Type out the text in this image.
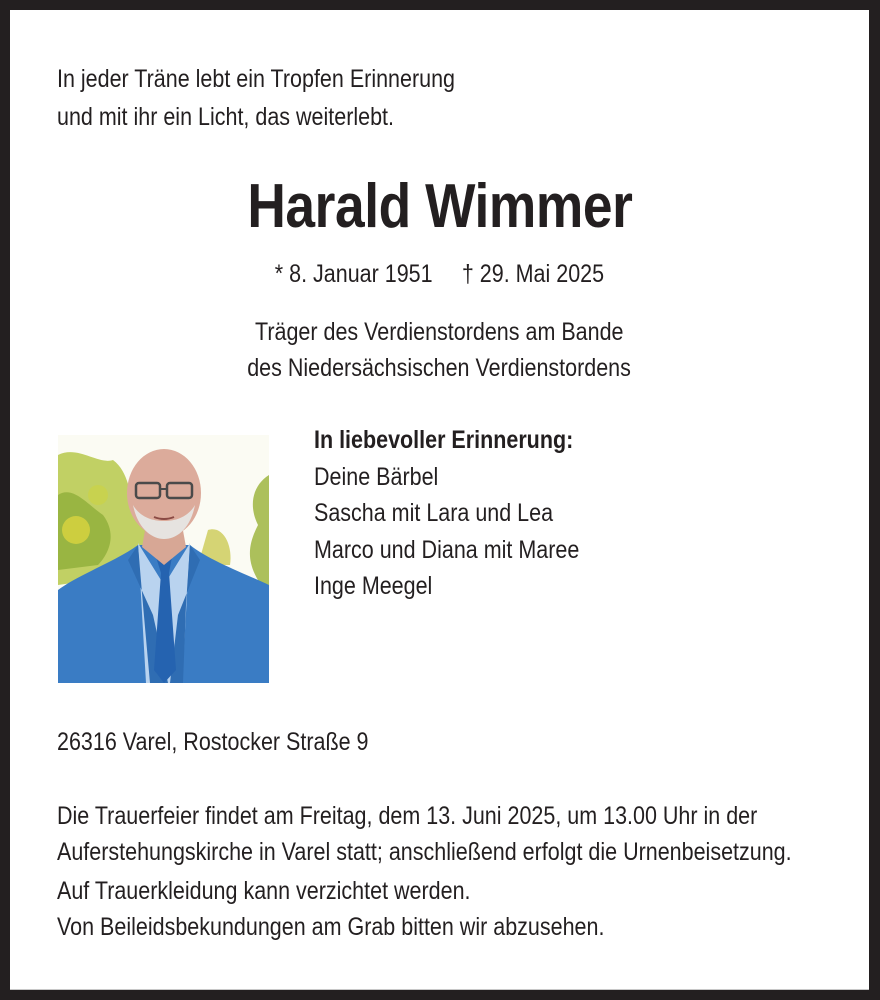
In jeder Träne lebt ein Tropfen Erinnerung
und mit ihr ein Licht, das weiterlebt.
Harald Wimmer
* 8. Januar 1951 † 29. Mai 2025
Träger des Verdienstordens am Bande
des Niedersächsischen Verdienstordens
In liebevoller Erinnerung:
Deine Bärbel
Sascha mit Lara und Lea
Marco und Diana mit Maree
Inge Meegel
26316 Varel, Rostocker Straße 9
Die Trauerfeier findet am Freitag, dem 13. Juni 2025, um 13.00 Uhr in der
Auferstehungskirche in Varel statt; anschließend erfolgt die Urnenbeisetzung.
Auf Trauerkleidung kann verzichtet werden.
Von Beileidsbekundungen am Grab bitten wir abzusehen.
